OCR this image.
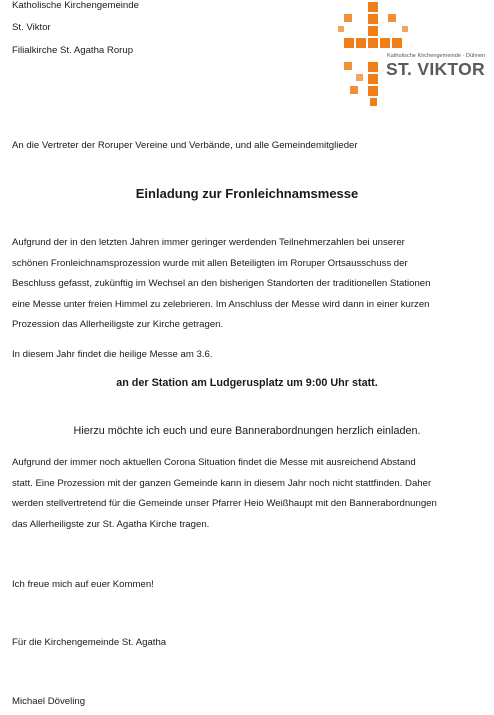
Katholische Kirchengemeinde
St. Viktor
Filialkirche St. Agatha Rorup	Katholische Kirchengemeinde · Dülmen
ST. VIKTOR
An die Vertreter der Roruper Vereine und Verbände, und alle Gemeindemitglieder
Einladung zur Fronleichnamsmesse
Aufgrund der in den letzten Jahren immer geringer werdenden Teilnehmerzahlen bei unserer
schönen Fronleichnamsprozession wurde mit allen Beteiligten im Roruper Ortsausschuss der
Beschluss gefasst, zukünftig im Wechsel an den bisherigen Standorten der traditionellen Stationen
eine Messe unter freien Himmel zu zelebrieren. Im Anschluss der Messe wird dann in einer kurzen
Prozession das Allerheiligste zur Kirche getragen.
In diesem Jahr findet die heilige Messe am 3.6.
an der Station am Ludgerusplatz um 9:00 Uhr statt.
Hierzu möchte ich euch und eure Bannerabordnungen herzlich einladen.
Aufgrund der immer noch aktuellen Corona Situation findet die Messe mit ausreichend Abstand
statt. Eine Prozession mit der ganzen Gemeinde kann in diesem Jahr noch nicht stattfinden. Daher
werden stellvertretend für die Gemeinde unser Pfarrer Heio Weißhaupt mit den Bannerabordnungen
das Allerheiligste zur St. Agatha Kirche tragen.
Ich freue mich auf euer Kommen!
Für die Kirchengemeinde St. Agatha
Michael Döveling
